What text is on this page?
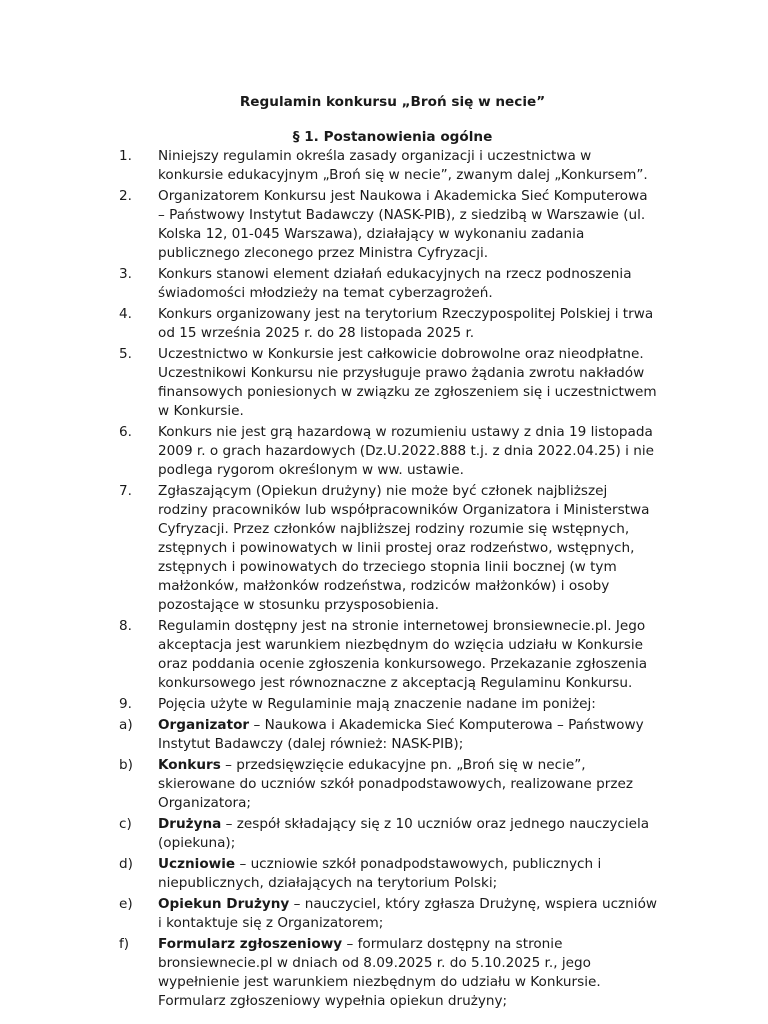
Regulamin konkursu „Broń się w necie”
§ 1. Postanowienia ogólne
1.	Niniejszy regulamin określa zasady organizacji i uczestnictwa w konkursie edukacyjnym „Broń się w necie”, zwanym dalej „Konkursem”.
2.	Organizatorem Konkursu jest Naukowa i Akademicka Sieć Komputerowa – Państwowy Instytut Badawczy (NASK-PIB), z siedzibą w Warszawie (ul. Kolska 12, 01-045 Warszawa), działający w wykonaniu zadania publicznego zleconego przez Ministra Cyfryzacji.
3.	Konkurs stanowi element działań edukacyjnych na rzecz podnoszenia świadomości młodzieży na temat cyberzagrożeń.
4.	Konkurs organizowany jest na terytorium Rzeczypospolitej Polskiej i trwa od 15 września 2025 r. do 28 listopada 2025 r.
5.	Uczestnictwo w Konkursie jest całkowicie dobrowolne oraz nieodpłatne. Uczestnikowi Konkursu nie przysługuje prawo żądania zwrotu nakładów finansowych poniesionych w związku ze zgłoszeniem się i uczestnictwem w Konkursie.
6.	Konkurs nie jest grą hazardową w rozumieniu ustawy z dnia 19 listopada 2009 r. o grach hazardowych (Dz.U.2022.888 t.j. z dnia 2022.04.25) i nie podlega rygorom określonym w ww. ustawie.
7.	Zgłaszającym (Opiekun drużyny) nie może być członek najbliższej rodziny pracowników lub współpracowników Organizatora i Ministerstwa Cyfryzacji. Przez członków najbliższej rodziny rozumie się wstępnych, zstępnych i powinowatych w linii prostej oraz rodzeństwo, wstępnych, zstępnych i powinowatych do trzeciego stopnia linii bocznej (w tym małżonków, małżonków rodzeństwa, rodziców małżonków) i osoby pozostające w stosunku przysposobienia.
8.	Regulamin dostępny jest na stronie internetowej bronsiewnecie.pl. Jego akceptacja jest warunkiem niezbędnym do wzięcia udziału w Konkursie oraz poddania ocenie zgłoszenia konkursowego. Przekazanie zgłoszenia konkursowego jest równoznaczne z akceptacją Regulaminu Konkursu.
9.	Pojęcia użyte w Regulaminie mają znaczenie nadane im poniżej:
a)	Organizator – Naukowa i Akademicka Sieć Komputerowa – Państwowy Instytut Badawczy (dalej również: NASK-PIB);
b)	Konkurs – przedsięwzięcie edukacyjne pn. „Broń się w necie”, skierowane do uczniów szkół ponadpodstawowych, realizowane przez Organizatora;
c)	Drużyna – zespół składający się z 10 uczniów oraz jednego nauczyciela (opiekuna);
d)	Uczniowie – uczniowie szkół ponadpodstawowych, publicznych i niepublicznych, działających na terytorium Polski;
e)	Opiekun Drużyny – nauczyciel, który zgłasza Drużynę, wspiera uczniów i kontaktuje się z Organizatorem;
f)	Formularz zgłoszeniowy – formularz dostępny na stronie bronsiewnecie.pl w dniach od 8.09.2025 r. do 5.10.2025 r., jego wypełnienie jest warunkiem niezbędnym do udziału w Konkursie. Formularz zgłoszeniowy wypełnia opiekun drużyny;
